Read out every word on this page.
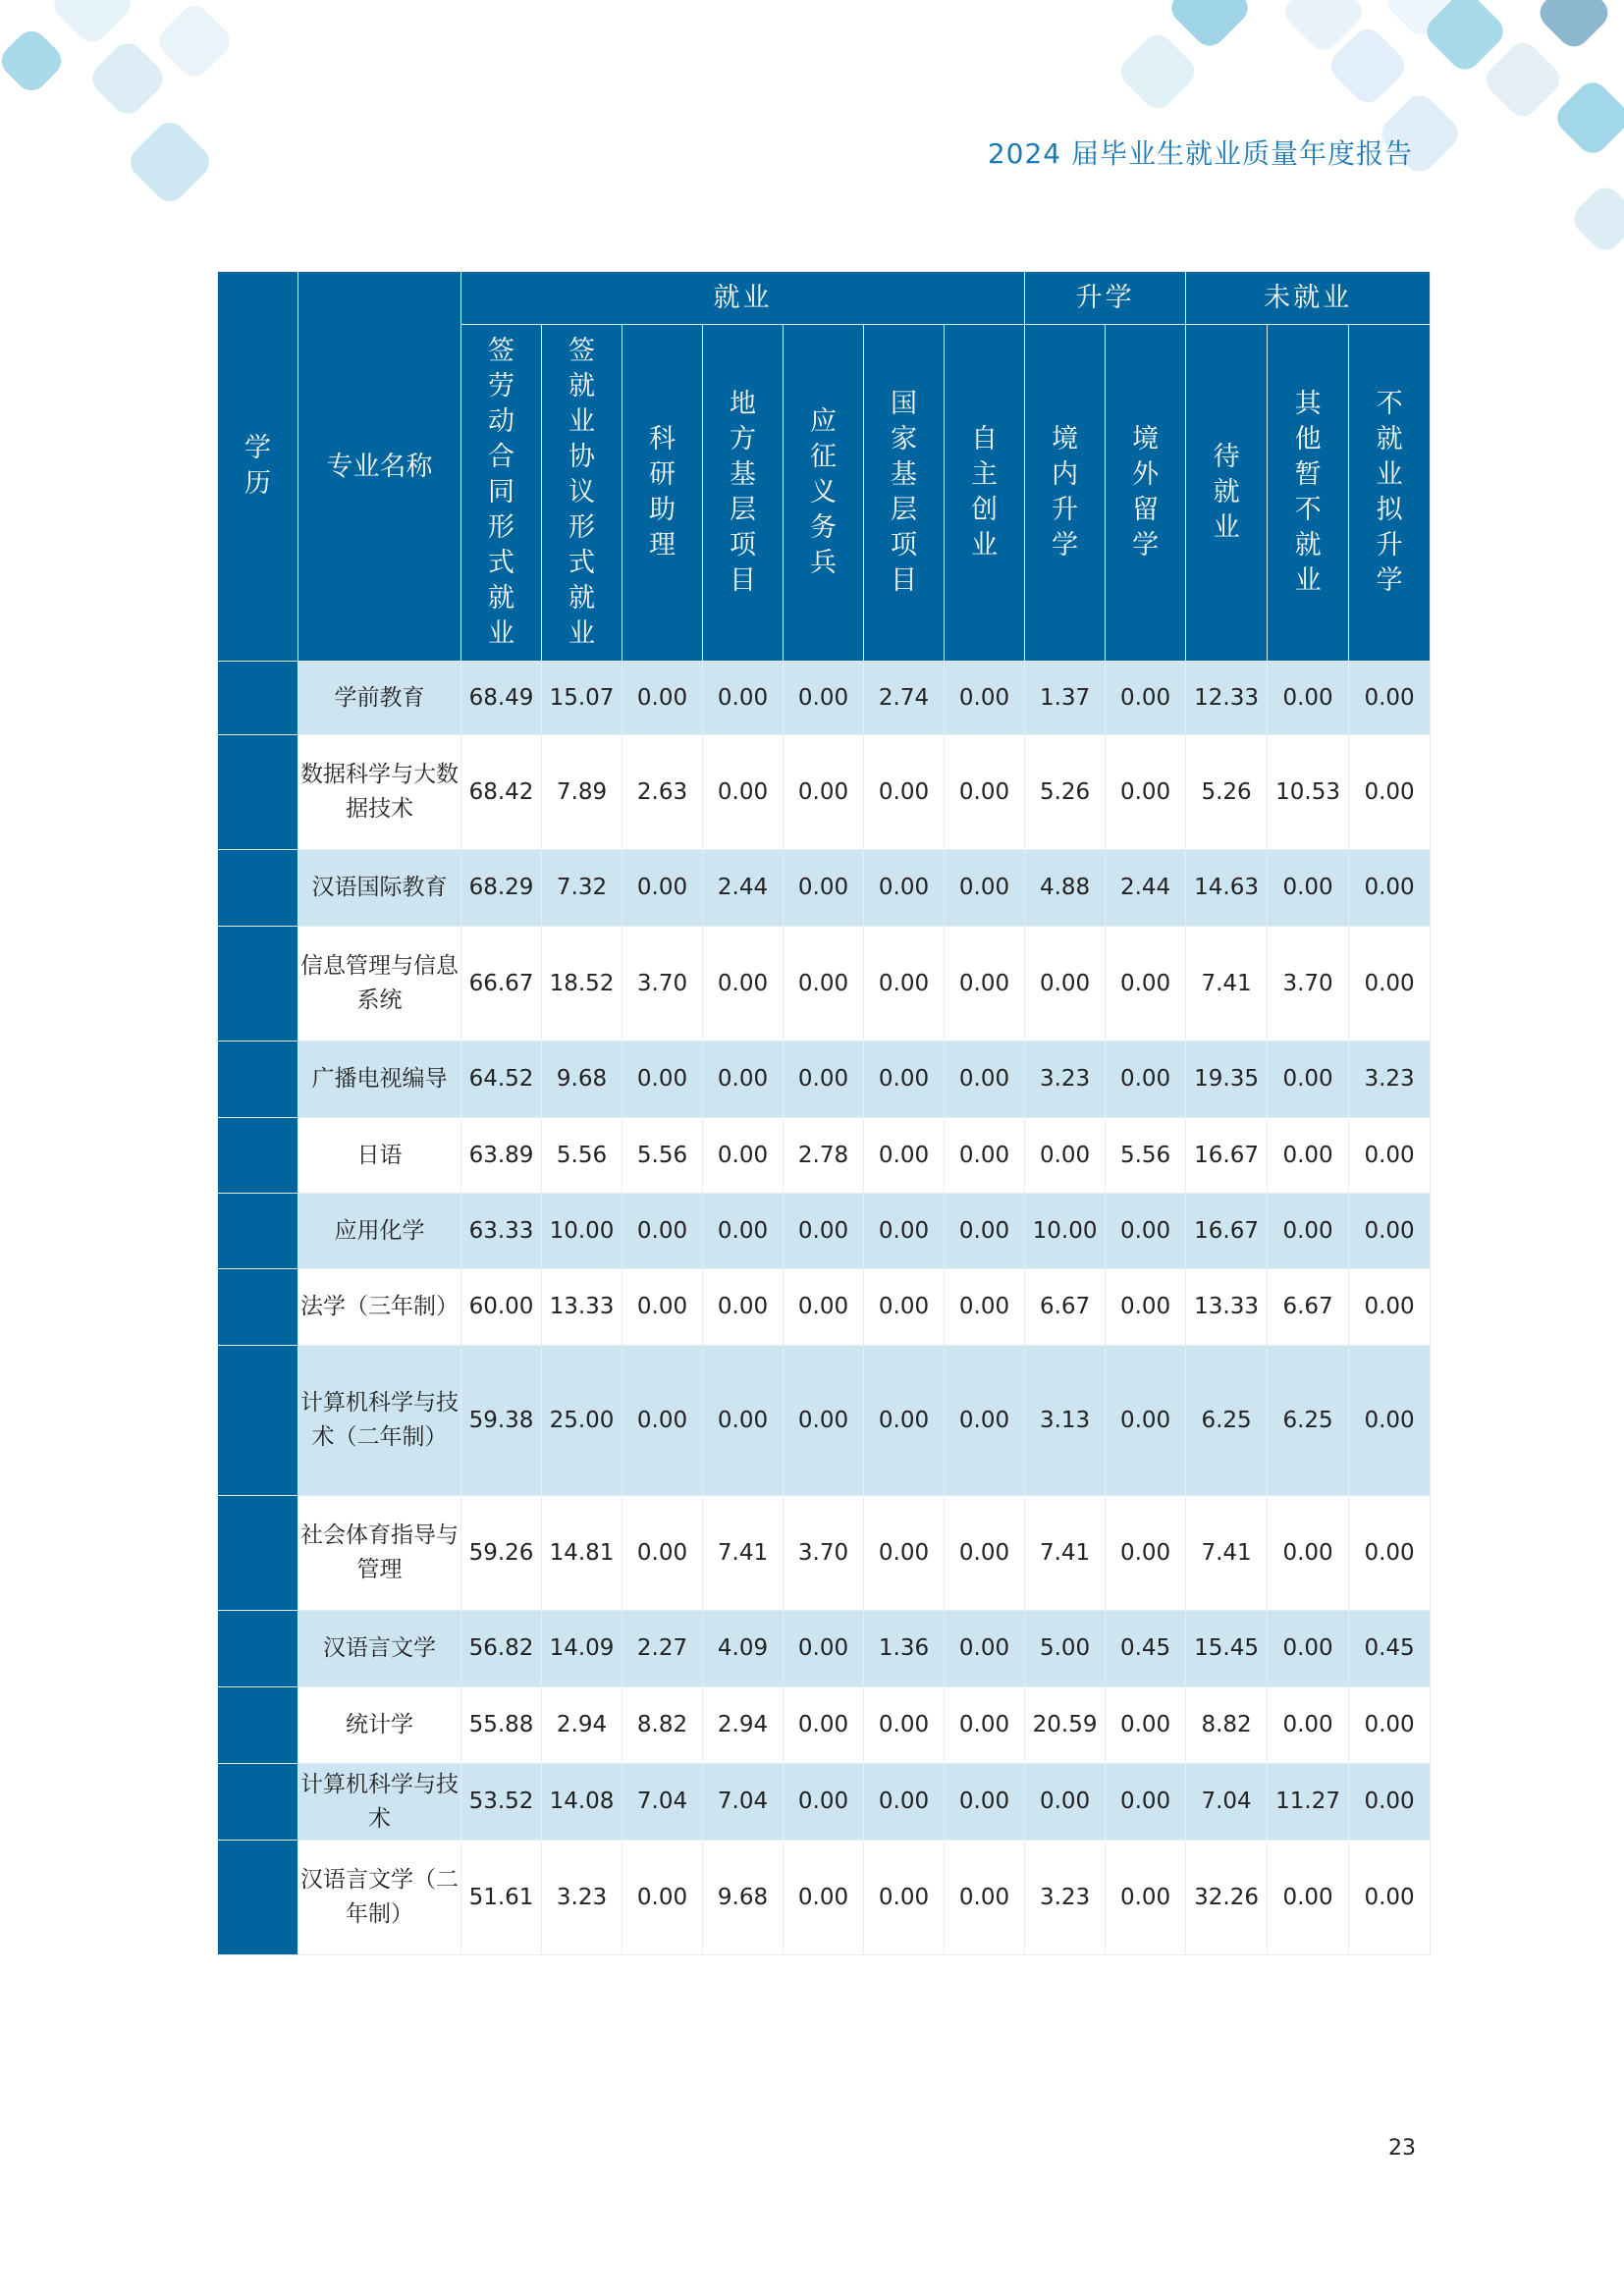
2024 届毕业生就业质量年度报告
学历	专业名称	就业							升学		未就业		
		签劳动合同形式就业	签就业协议形式就业	科研助理	地方基层项目	应征义务兵	国家基层项目	自主创业	境内升学	境外留学	待就业	其他暂不就业	不就业拟升学
	学前教育	68.49	15.07	0.00	0.00	0.00	2.74	0.00	1.37	0.00	12.33	0.00	0.00
	数据科学与大数据技术	68.42	7.89	2.63	0.00	0.00	0.00	0.00	5.26	0.00	5.26	10.53	0.00
	汉语国际教育	68.29	7.32	0.00	2.44	0.00	0.00	0.00	4.88	2.44	14.63	0.00	0.00
	信息管理与信息系统	66.67	18.52	3.70	0.00	0.00	0.00	0.00	0.00	0.00	7.41	3.70	0.00
	广播电视编导	64.52	9.68	0.00	0.00	0.00	0.00	0.00	3.23	0.00	19.35	0.00	3.23
	日语	63.89	5.56	5.56	0.00	2.78	0.00	0.00	0.00	5.56	16.67	0.00	0.00
	应用化学	63.33	10.00	0.00	0.00	0.00	0.00	0.00	10.00	0.00	16.67	0.00	0.00
	法学（三年制）	60.00	13.33	0.00	0.00	0.00	0.00	0.00	6.67	0.00	13.33	6.67	0.00
	计算机科学与技术（二年制）	59.38	25.00	0.00	0.00	0.00	0.00	0.00	3.13	0.00	6.25	6.25	0.00
	社会体育指导与管理	59.26	14.81	0.00	7.41	3.70	0.00	0.00	7.41	0.00	7.41	0.00	0.00
	汉语言文学	56.82	14.09	2.27	4.09	0.00	1.36	0.00	5.00	0.45	15.45	0.00	0.45
	统计学	55.88	2.94	8.82	2.94	0.00	0.00	0.00	20.59	0.00	8.82	0.00	0.00
	计算机科学与技术	53.52	14.08	7.04	7.04	0.00	0.00	0.00	0.00	0.00	7.04	11.27	0.00
	汉语言文学（二年制）	51.61	3.23	0.00	9.68	0.00	0.00	0.00	3.23	0.00	32.26	0.00	0.00
23
